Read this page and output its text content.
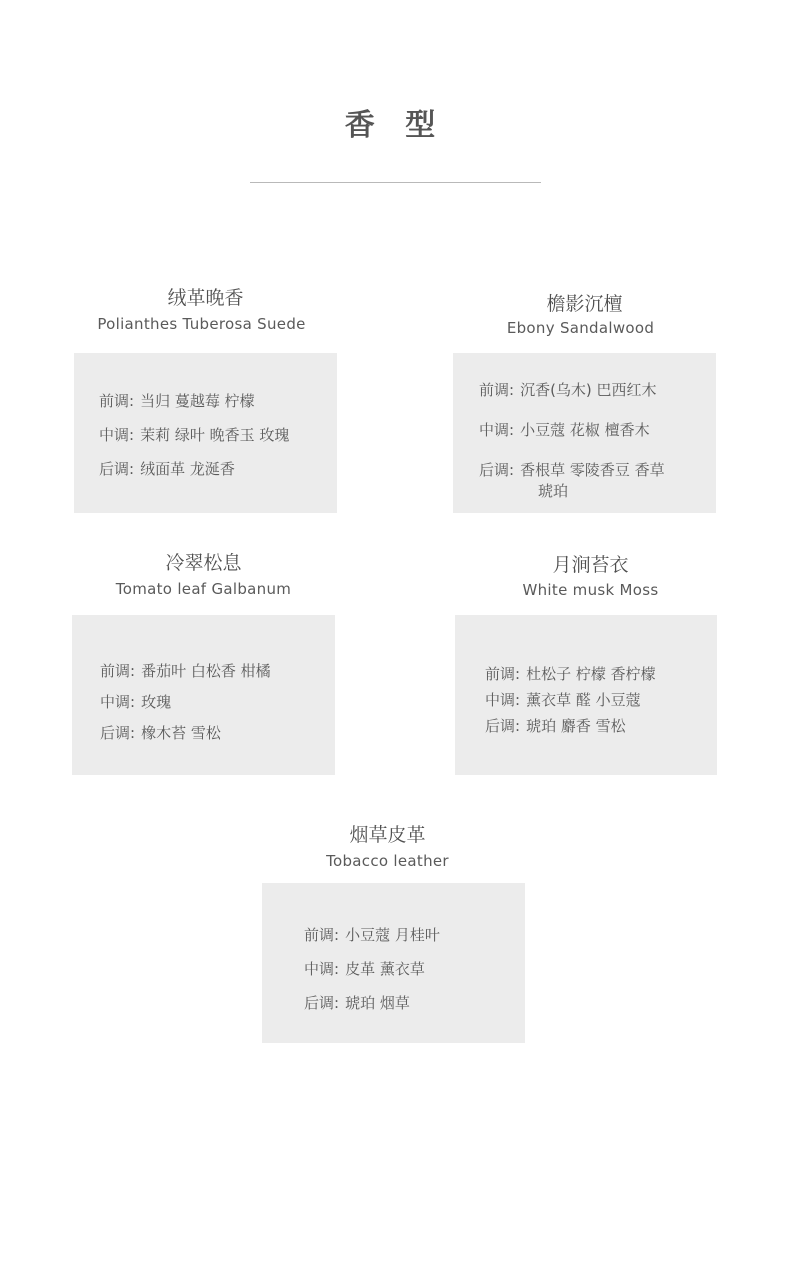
香 型
绒革晚香
Polianthes Tuberosa Suede
前调: 当归 蔓越莓 柠檬
中调: 茉莉 绿叶 晚香玉 玫瑰
后调: 绒面革 龙涎香
檐影沉檀
Ebony Sandalwood
前调: 沉香(乌木) 巴西红木
中调: 小豆蔻 花椒 檀香木
后调: 香根草 零陵香豆 香草
琥珀
冷翠松息
Tomato leaf Galbanum
前调: 番茄叶 白松香 柑橘
中调: 玫瑰
后调: 橡木苔 雪松
月涧苔衣
White musk Moss
前调: 杜松子 柠檬 香柠檬
中调: 薰衣草 醛 小豆蔻
后调: 琥珀 麝香 雪松
烟草皮革
Tobacco leather
前调: 小豆蔻 月桂叶
中调: 皮革 薰衣草
后调: 琥珀 烟草
